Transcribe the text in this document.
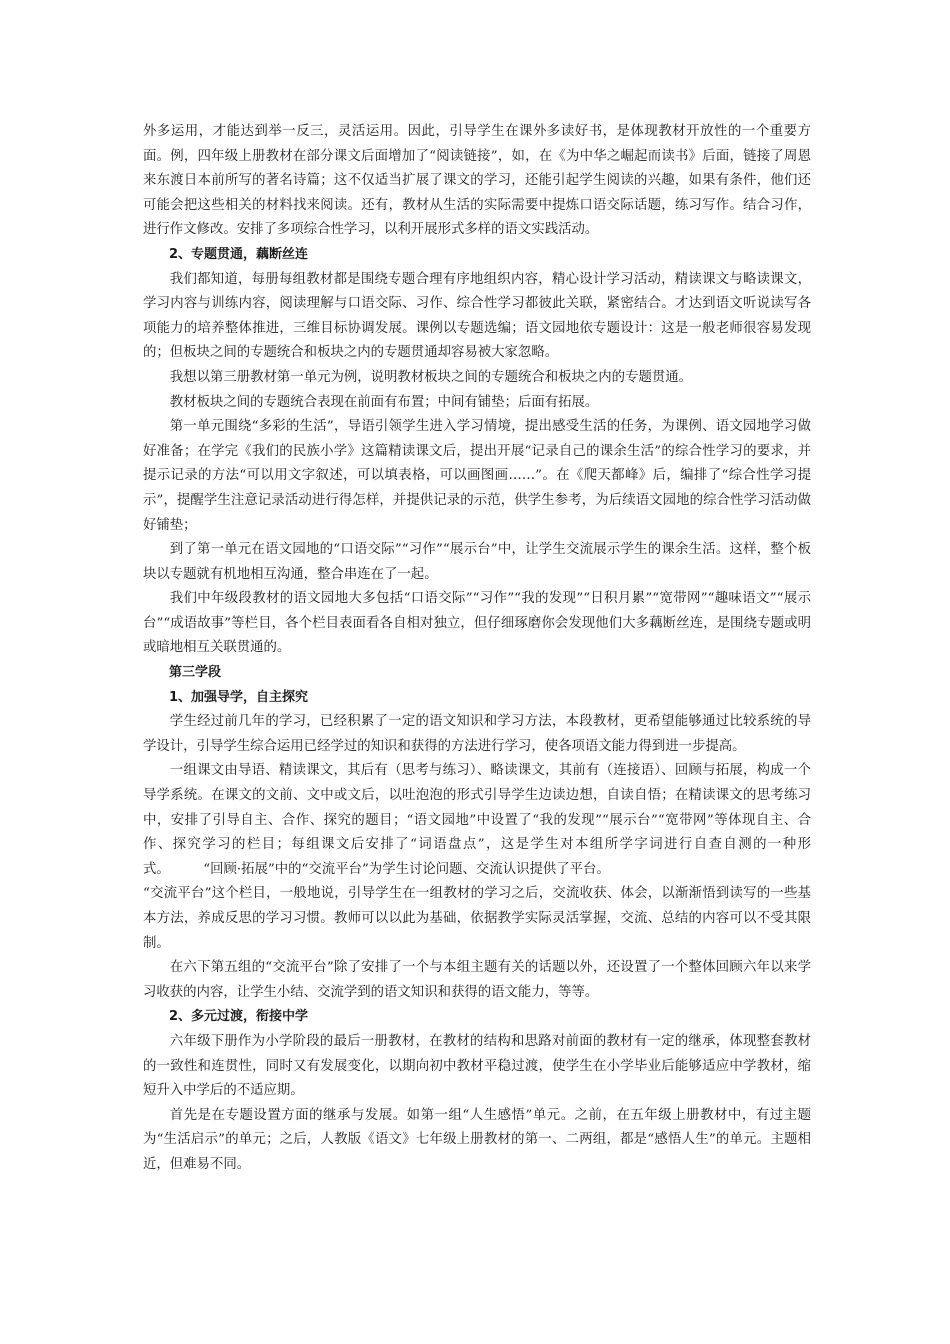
外多运用，才能达到举一反三，灵活运用。因此，引导学生在课外多读好书，是体现教材开放性的一个重要方面。例，四年级上册教材在部分课文后面增加了“阅读链接”，如，在《为中华之崛起而读书》后面，链接了周恩来东渡日本前所写的著名诗篇；这不仅适当扩展了课文的学习，还能引起学生阅读的兴趣，如果有条件，他们还可能会把这些相关的材料找来阅读。还有，教材从生活的实际需要中提炼口语交际话题，练习写作。结合习作，进行作文修改。安排了多项综合性学习，以利开展形式多样的语文实践活动。

2、专题贯通，藕断丝连

我们都知道，每册每组教材都是围绕专题合理有序地组织内容，精心设计学习活动，精读课文与略读课文，学习内容与训练内容，阅读理解与口语交际、习作、综合性学习都彼此关联，紧密结合。才达到语文听说读写各项能力的培养整体推进，三维目标协调发展。课例以专题选编；语文园地依专题设计：这是一般老师很容易发现的；但板块之间的专题统合和板块之内的专题贯通却容易被大家忽略。

我想以第三册教材第一单元为例，说明教材板块之间的专题统合和板块之内的专题贯通。

教材板块之间的专题统合表现在前面有布置；中间有铺垫；后面有拓展。

第一单元围绕“多彩的生活”，导语引领学生进入学习情境，提出感受生活的任务，为课例、语文园地学习做好准备；在学完《我们的民族小学》这篇精读课文后，提出开展“记录自己的课余生活”的综合性学习的要求，并提示记录的方法“可以用文字叙述，可以填表格，可以画图画……”。在《爬天都峰》后，编排了“综合性学习提示”，提醒学生注意记录活动进行得怎样，并提供记录的示范，供学生参考，为后续语文园地的综合性学习活动做好铺垫；

到了第一单元在语文园地的“口语交际”“习作”“展示台”中，让学生交流展示学生的课余生活。这样，整个板块以专题就有机地相互沟通，整合串连在了一起。

我们中年级段教材的语文园地大多包括“口语交际”“习作”“我的发现”“日积月累”“宽带网”“趣味语文”“展示台”“成语故事”等栏目，各个栏目表面看各自相对独立，但仔细琢磨你会发现他们大多藕断丝连，是围绕专题或明或暗地相互关联贯通的。

第三学段

1、加强导学，自主探究

学生经过前几年的学习，已经积累了一定的语文知识和学习方法，本段教材，更希望能够通过比较系统的导学设计，引导学生综合运用已经学过的知识和获得的方法进行学习，使各项语文能力得到进一步提高。

一组课文由导语、精读课文，其后有（思考与练习）、略读课文，其前有（连接语）、回顾与拓展，构成一个导学系统。在课文的文前、文中或文后，以吐泡泡的形式引导学生边读边想，自读自悟；在精读课文的思考练习中，安排了引导自主、合作、探究的题目；“语文园地”中设置了“我的发现”“展示台”“宽带网”等体现自主、合作、探究学习的栏目；每组课文后安排了“词语盘点”，这是学生对本组所学字词进行自查自测的一种形式。　　　“回顾·拓展”中的“交流平台”为学生讨论问题、交流认识提供了平台。

“交流平台”这个栏目，一般地说，引导学生在一组教材的学习之后，交流收获、体会，以渐渐悟到读写的一些基本方法，养成反思的学习习惯。教师可以以此为基础，依据教学实际灵活掌握，交流、总结的内容可以不受其限制。

在六下第五组的“交流平台”除了安排了一个与本组主题有关的话题以外，还设置了一个整体回顾六年以来学习收获的内容，让学生小结、交流学到的语文知识和获得的语文能力，等等。

2、多元过渡，衔接中学

六年级下册作为小学阶段的最后一册教材，在教材的结构和思路对前面的教材有一定的继承，体现整套教材的一致性和连贯性，同时又有发展变化，以期向初中教材平稳过渡，使学生在小学毕业后能够适应中学教材，缩短升入中学后的不适应期。

首先是在专题设置方面的继承与发展。如第一组“人生感悟”单元。之前，在五年级上册教材中，有过主题为“生活启示”的单元；之后，人教版《语文》七年级上册教材的第一、二两组，都是“感悟人生”的单元。主题相近，但难易不同。
